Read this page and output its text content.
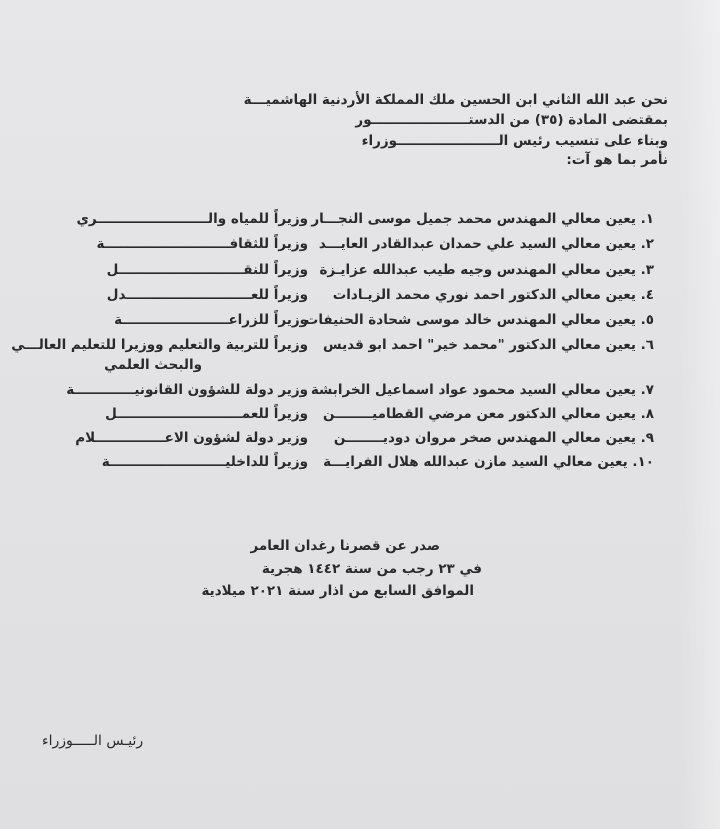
نحن عبد الله الثاني ابن الحسين ملك المملكة الأردنية الهاشميـــة
بمقتضى المادة (٣٥) من الدستـــــــــــــــــــــور
وبناء على تنسيب رئيس الــــــــــــــــــــــوزراء
نأمر بما هو آت:
١. يعين معالي المهندس محمد جميل موسى النجـــار
وزيراً للمياه والــــــــــــــــــــــــري
٢. يعين معالي السيد علي حمدان عبدالقادر العايـــد
وزيراً للثقافـــــــــــــــــــــــــــة
٣. يعين معالي المهندس وجيه طيب عبدالله عزايـزة
وزيراً للنقـــــــــــــــــــــــــــل
٤. يعين معالي الدكتور احمد نوري محمد الزيـادات
وزيراً للعـــــــــــــــــــــــــــدل
٥. يعين معالي المهندس خالد موسى شحادة الحنيفات
وزيراً للزراعـــــــــــــــــــــــة
٦. يعين معالي الدكتور "محمد خير" احمد ابو قديس
وزيراً للتربية والتعليم ووزيرا للتعليم العالـــي
والبحث العلمي
٧. يعين معالي السيد محمود عواد اسماعيل الخرابشة
وزير دولة للشؤون القانونيـــــــــــــة
٨. يعين معالي الدكتور معن مرضي القطاميــــــــن
وزيراً للعمـــــــــــــــــــــــــــل
٩. يعين معالي المهندس صخر مروان دوديــــــــن
وزير دولة لشؤون الاعـــــــــــــــلام
١٠. يعين معالي السيد مازن عبدالله هلال الفرايـــة
وزيراً للداخليـــــــــــــــــــــــــة
صدر عن قصرنا رغدان العامر
في ٢٣ رجب من سنة ١٤٤٢ هجرية
الموافق السابع من اذار سنة ٢٠٢١ ميلادية
رئيـس الـــــوزراء
